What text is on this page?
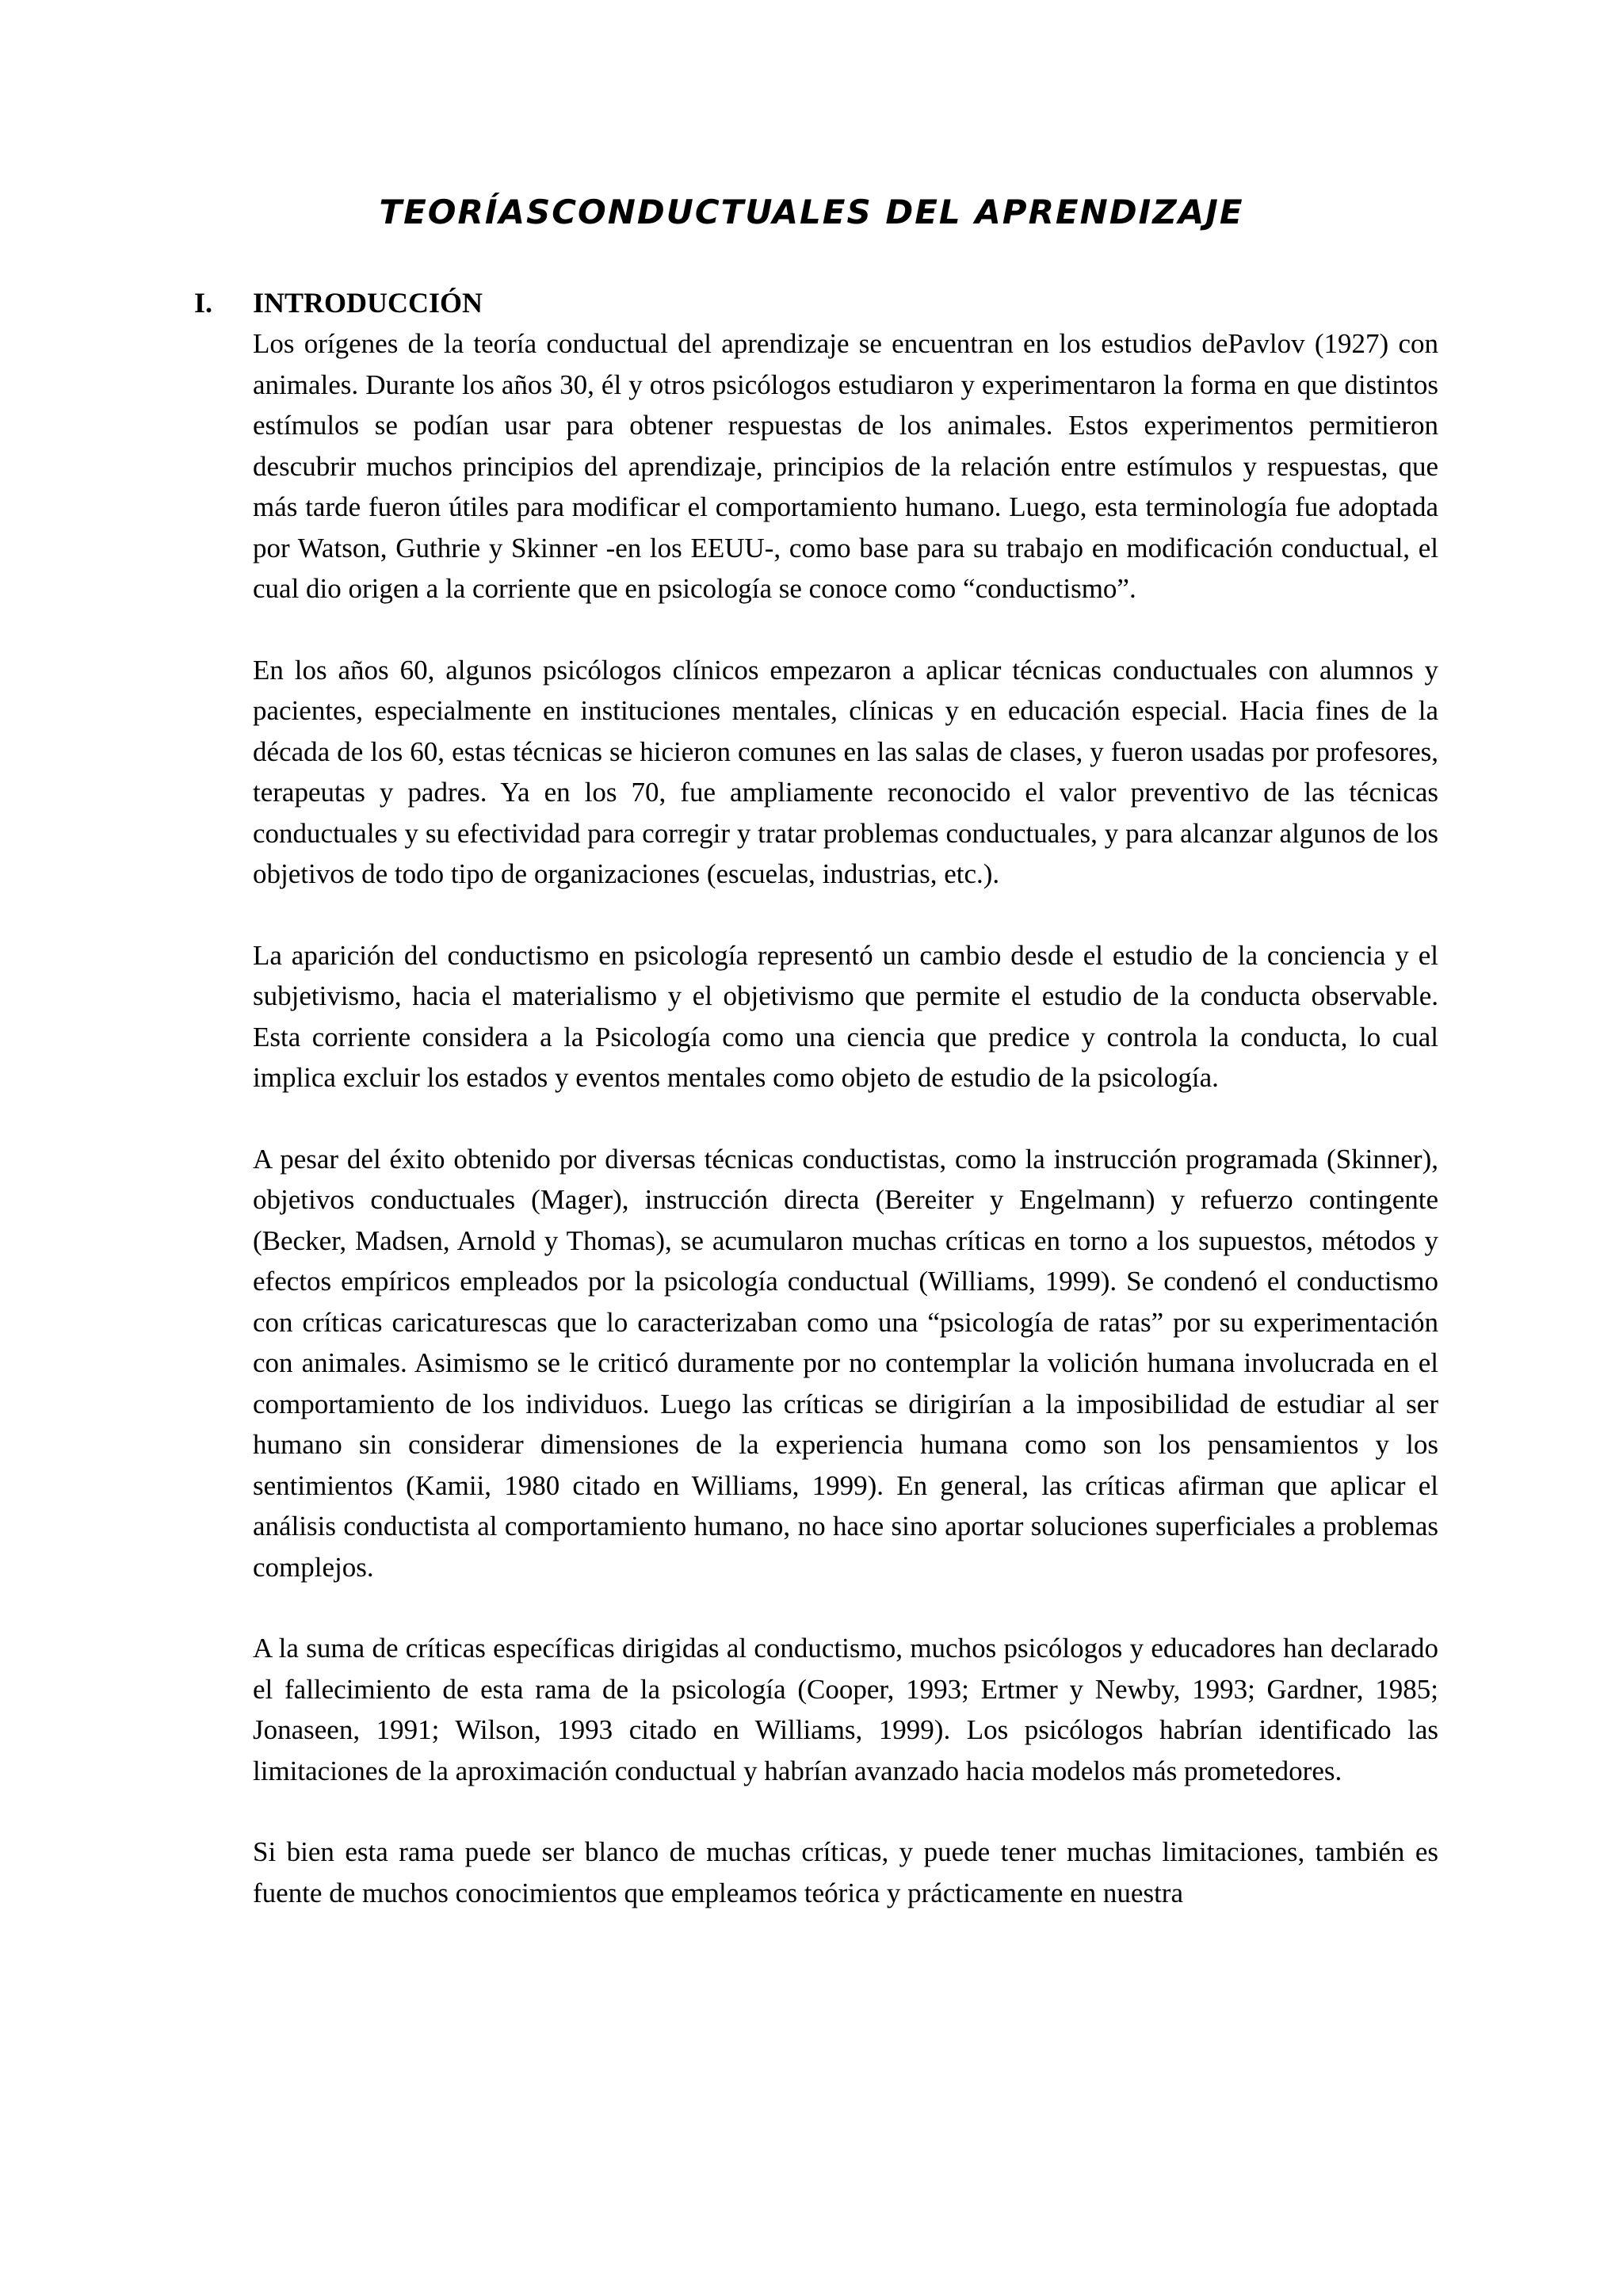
TEORÍASCONDUCTUALES DEL APRENDIZAJE
I. INTRODUCCIÓN

Los orígenes de la teoría conductual del aprendizaje se encuentran en los estudios dePavlov (1927) con animales. Durante los años 30, él y otros psicólogos estudiaron y experimentaron la forma en que distintos estímulos se podían usar para obtener respuestas de los animales. Estos experimentos permitieron descubrir muchos principios del aprendizaje, principios de la relación entre estímulos y respuestas, que más tarde fueron útiles para modificar el comportamiento humano. Luego, esta terminología fue adoptada por Watson, Guthrie y Skinner -en los EEUU-, como base para su trabajo en modificación conductual, el cual dio origen a la corriente que en psicología se conoce como “conductismo”.

En los años 60, algunos psicólogos clínicos empezaron a aplicar técnicas conductuales con alumnos y pacientes, especialmente en instituciones mentales, clínicas y en educación especial. Hacia fines de la década de los 60, estas técnicas se hicieron comunes en las salas de clases, y fueron usadas por profesores, terapeutas y padres. Ya en los 70, fue ampliamente reconocido el valor preventivo de las técnicas conductuales y su efectividad para corregir y tratar problemas conductuales, y para alcanzar algunos de los objetivos de todo tipo de organizaciones (escuelas, industrias, etc.).

La aparición del conductismo en psicología representó un cambio desde el estudio de la conciencia y el subjetivismo, hacia el materialismo y el objetivismo que permite el estudio de la conducta observable. Esta corriente considera a la Psicología como una ciencia que predice y controla la conducta, lo cual implica excluir los estados y eventos mentales como objeto de estudio de la psicología.

A pesar del éxito obtenido por diversas técnicas conductistas, como la instrucción programada (Skinner), objetivos conductuales (Mager), instrucción directa (Bereiter y Engelmann) y refuerzo contingente (Becker, Madsen, Arnold y Thomas), se acumularon muchas críticas en torno a los supuestos, métodos y efectos empíricos empleados por la psicología conductual (Williams, 1999). Se condenó el conductismo con críticas caricaturescas que lo caracterizaban como una “psicología de ratas” por su experimentación con animales. Asimismo se le criticó duramente por no contemplar la volición humana involucrada en el comportamiento de los individuos. Luego las críticas se dirigirían a la imposibilidad de estudiar al ser humano sin considerar dimensiones de la experiencia humana como son los pensamientos y los sentimientos (Kamii, 1980 citado en Williams, 1999). En general, las críticas afirman que aplicar el análisis conductista al comportamiento humano, no hace sino aportar soluciones superficiales a problemas complejos.

A la suma de críticas específicas dirigidas al conductismo, muchos psicólogos y educadores han declarado el fallecimiento de esta rama de la psicología (Cooper, 1993; Ertmer y Newby, 1993; Gardner, 1985; Jonaseen, 1991; Wilson, 1993 citado en Williams, 1999). Los psicólogos habrían identificado las limitaciones de la aproximación conductual y habrían avanzado hacia modelos más prometedores.

Si bien esta rama puede ser blanco de muchas críticas, y puede tener muchas limitaciones, también es fuente de muchos conocimientos que empleamos teórica y prácticamente en nuestra
